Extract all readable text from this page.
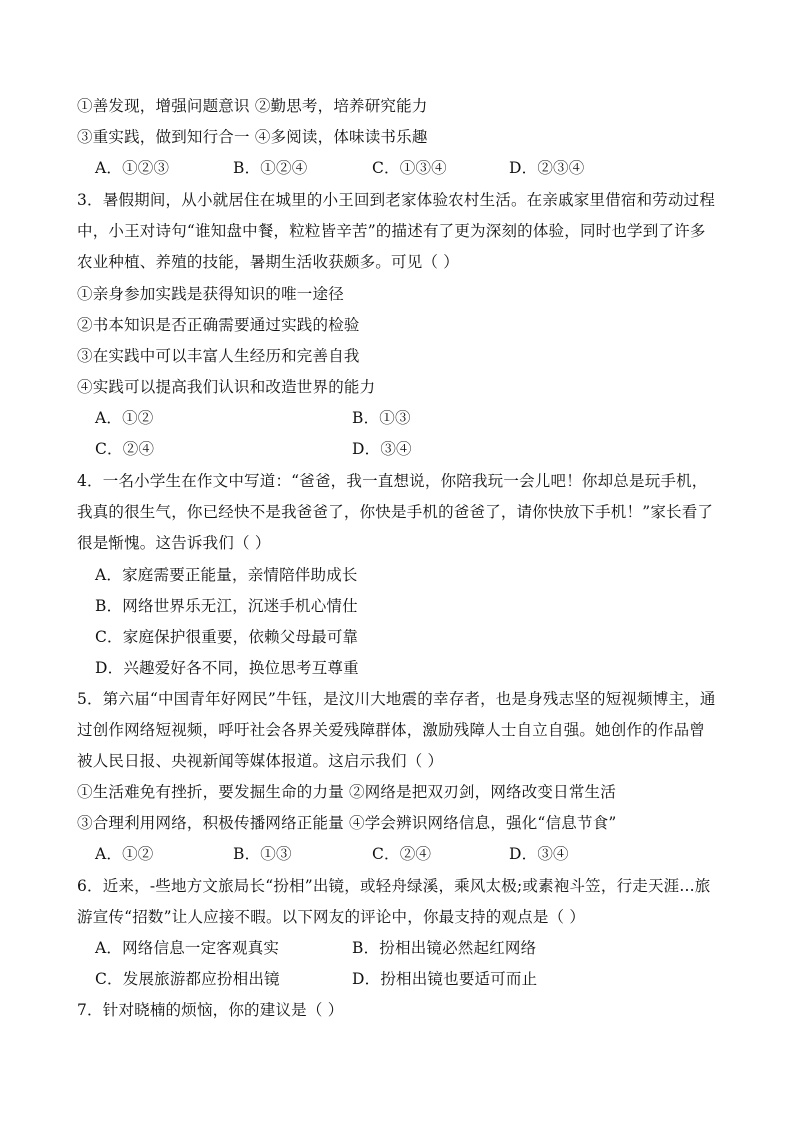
①善发现，增强问题意识 ②勤思考，培养研究能力
③重实践，做到知行合一 ④多阅读，体味读书乐趣
A．①②③	B．①②④	C．①③④	D．②③④
3．暑假期间，从小就居住在城里的小王回到老家体验农村生活。在亲戚家里借宿和劳动过程
中，小王对诗句“谁知盘中餐，粒粒皆辛苦”的描述有了更为深刻的体验，同时也学到了许多
农业种植、养殖的技能，暑期生活收获颇多。可见（ ）
①亲身参加实践是获得知识的唯一途径
②书本知识是否正确需要通过实践的检验
③在实践中可以丰富人生经历和完善自我
④实践可以提高我们认识和改造世界的能力
A．①②	B．①③
C．②④	D．③④
4．一名小学生在作文中写道：“爸爸，我一直想说，你陪我玩一会儿吧！你却总是玩手机，
我真的很生气，你已经快不是我爸爸了，你快是手机的爸爸了，请你快放下手机！”家长看了
很是惭愧。这告诉我们（ ）
A．家庭需要正能量，亲情陪伴助成长
B．网络世界乐无江，沉迷手机心情仕
C．家庭保护很重要，依赖父母最可靠
D．兴趣爱好各不同，换位思考互尊重
5．第六届“中国青年好网民”牛钰，是汶川大地震的幸存者，也是身残志坚的短视频博主，通
过创作网络短视频，呼吁社会各界关爱残障群体，激励残障人士自立自强。她创作的作品曾
被人民日报、央视新闻等媒体报道。这启示我们（ ）
①生活难免有挫折，要发掘生命的力量 ②网络是把双刃剑，网络改变日常生活
③合理利用网络，积极传播网络正能量 ④学会辨识网络信息，强化“信息节食”
A．①②	B．①③	C．②④	D．③④
6．近来，-些地方文旅局长“扮相”出镜，或轻舟绿溪，乘风太极;或素袍斗笠，行走天涯...旅
游宣传“招数”让人应接不暇。以下网友的评论中，你最支持的观点是（ ）
A．网络信息一定客观真实	B．扮相出镜必然起红网络
C．发展旅游都应扮相出镜	D．扮相出镜也要适可而止
7．针对晓楠的烦恼，你的建议是（ ）
